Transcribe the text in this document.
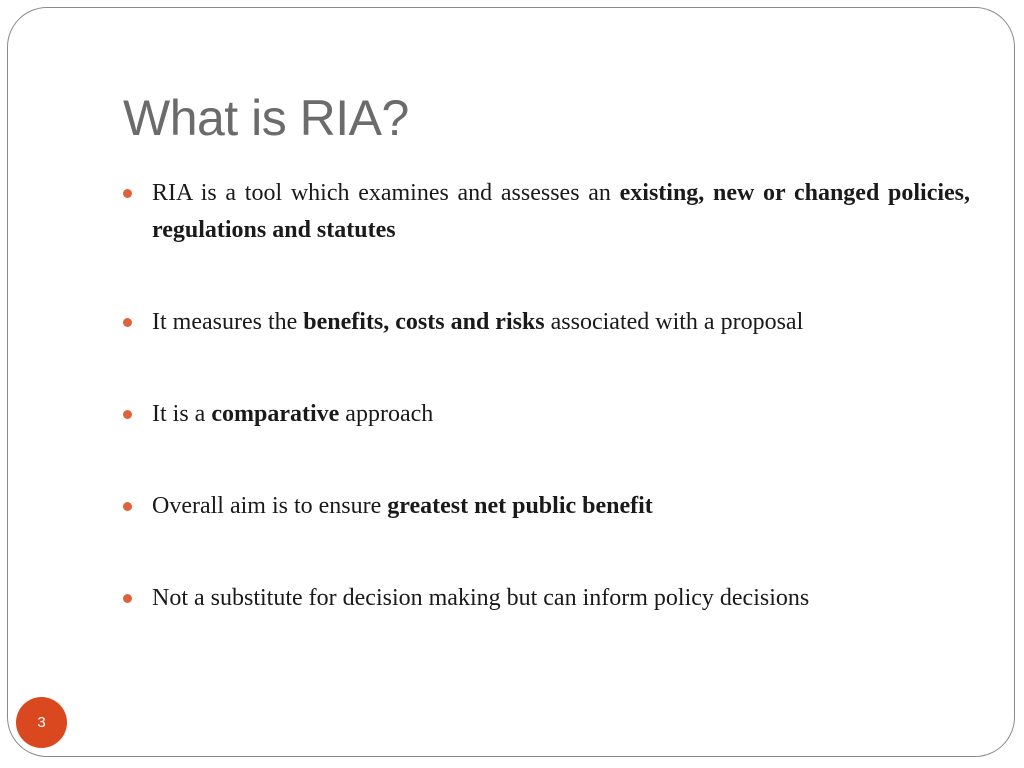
What is RIA?
RIA is a tool which examines and assesses an existing, new or changed policies, regulations and statutes
It measures the benefits, costs and risks associated with a proposal
It is a comparative approach
Overall aim is to ensure greatest net public benefit
Not a substitute for decision making but can inform policy decisions
3
